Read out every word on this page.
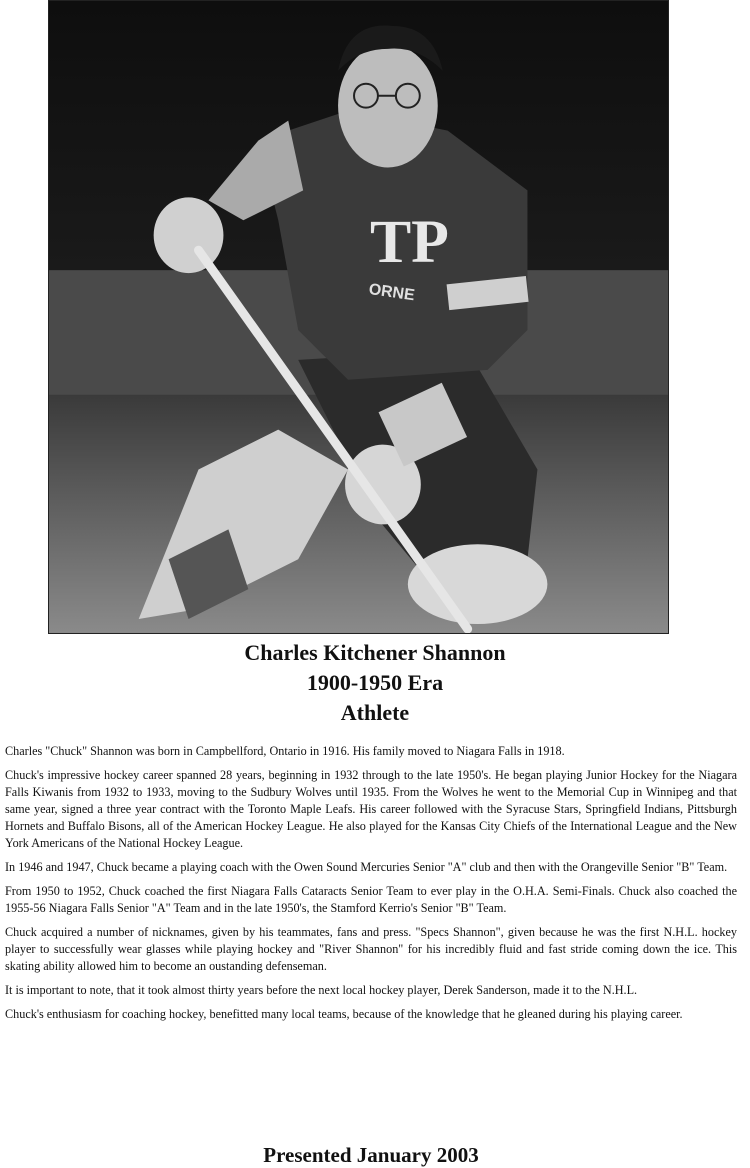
TP
ORNE
Charles Kitchener Shannon
1900-1950 Era
Athlete

Charles "Chuck" Shannon was born in Campbellford, Ontario in 1916. His family moved to Niagara Falls in 1918.

Chuck's impressive hockey career spanned 28 years, beginning in 1932 through to the late 1950's. He began playing Junior Hockey for the Niagara Falls Kiwanis from 1932 to 1933, moving to the Sudbury Wolves until 1935. From the Wolves he went to the Memorial Cup in Winnipeg and that same year, signed a three year contract with the Toronto Maple Leafs. His career followed with the Syracuse Stars, Springfield Indians, Pittsburgh Hornets and Buffalo Bisons, all of the American Hockey League. He also played for the Kansas City Chiefs of the International League and the New York Americans of the National Hockey League.

In 1946 and 1947, Chuck became a playing coach with the Owen Sound Mercuries Senior "A" club and then with the Orangeville Senior "B" Team.

From 1950 to 1952, Chuck coached the first Niagara Falls Cataracts Senior Team to ever play in the O.H.A. Semi-Finals. Chuck also coached the 1955-56 Niagara Falls Senior "A" Team and in the late 1950's, the Stamford Kerrio's Senior "B" Team.

Chuck acquired a number of nicknames, given by his teammates, fans and press. "Specs Shannon", given because he was the first N.H.L. hockey player to successfully wear glasses while playing hockey and "River Shannon" for his incredibly fluid and fast stride coming down the ice. This skating ability allowed him to become an oustanding defenseman.

It is important to note, that it took almost thirty years before the next local hockey player, Derek Sanderson, made it to the N.H.L.

Chuck's enthusiasm for coaching hockey, benefitted many local teams, because of the knowledge that he gleaned during his playing career.

Presented January 2003
